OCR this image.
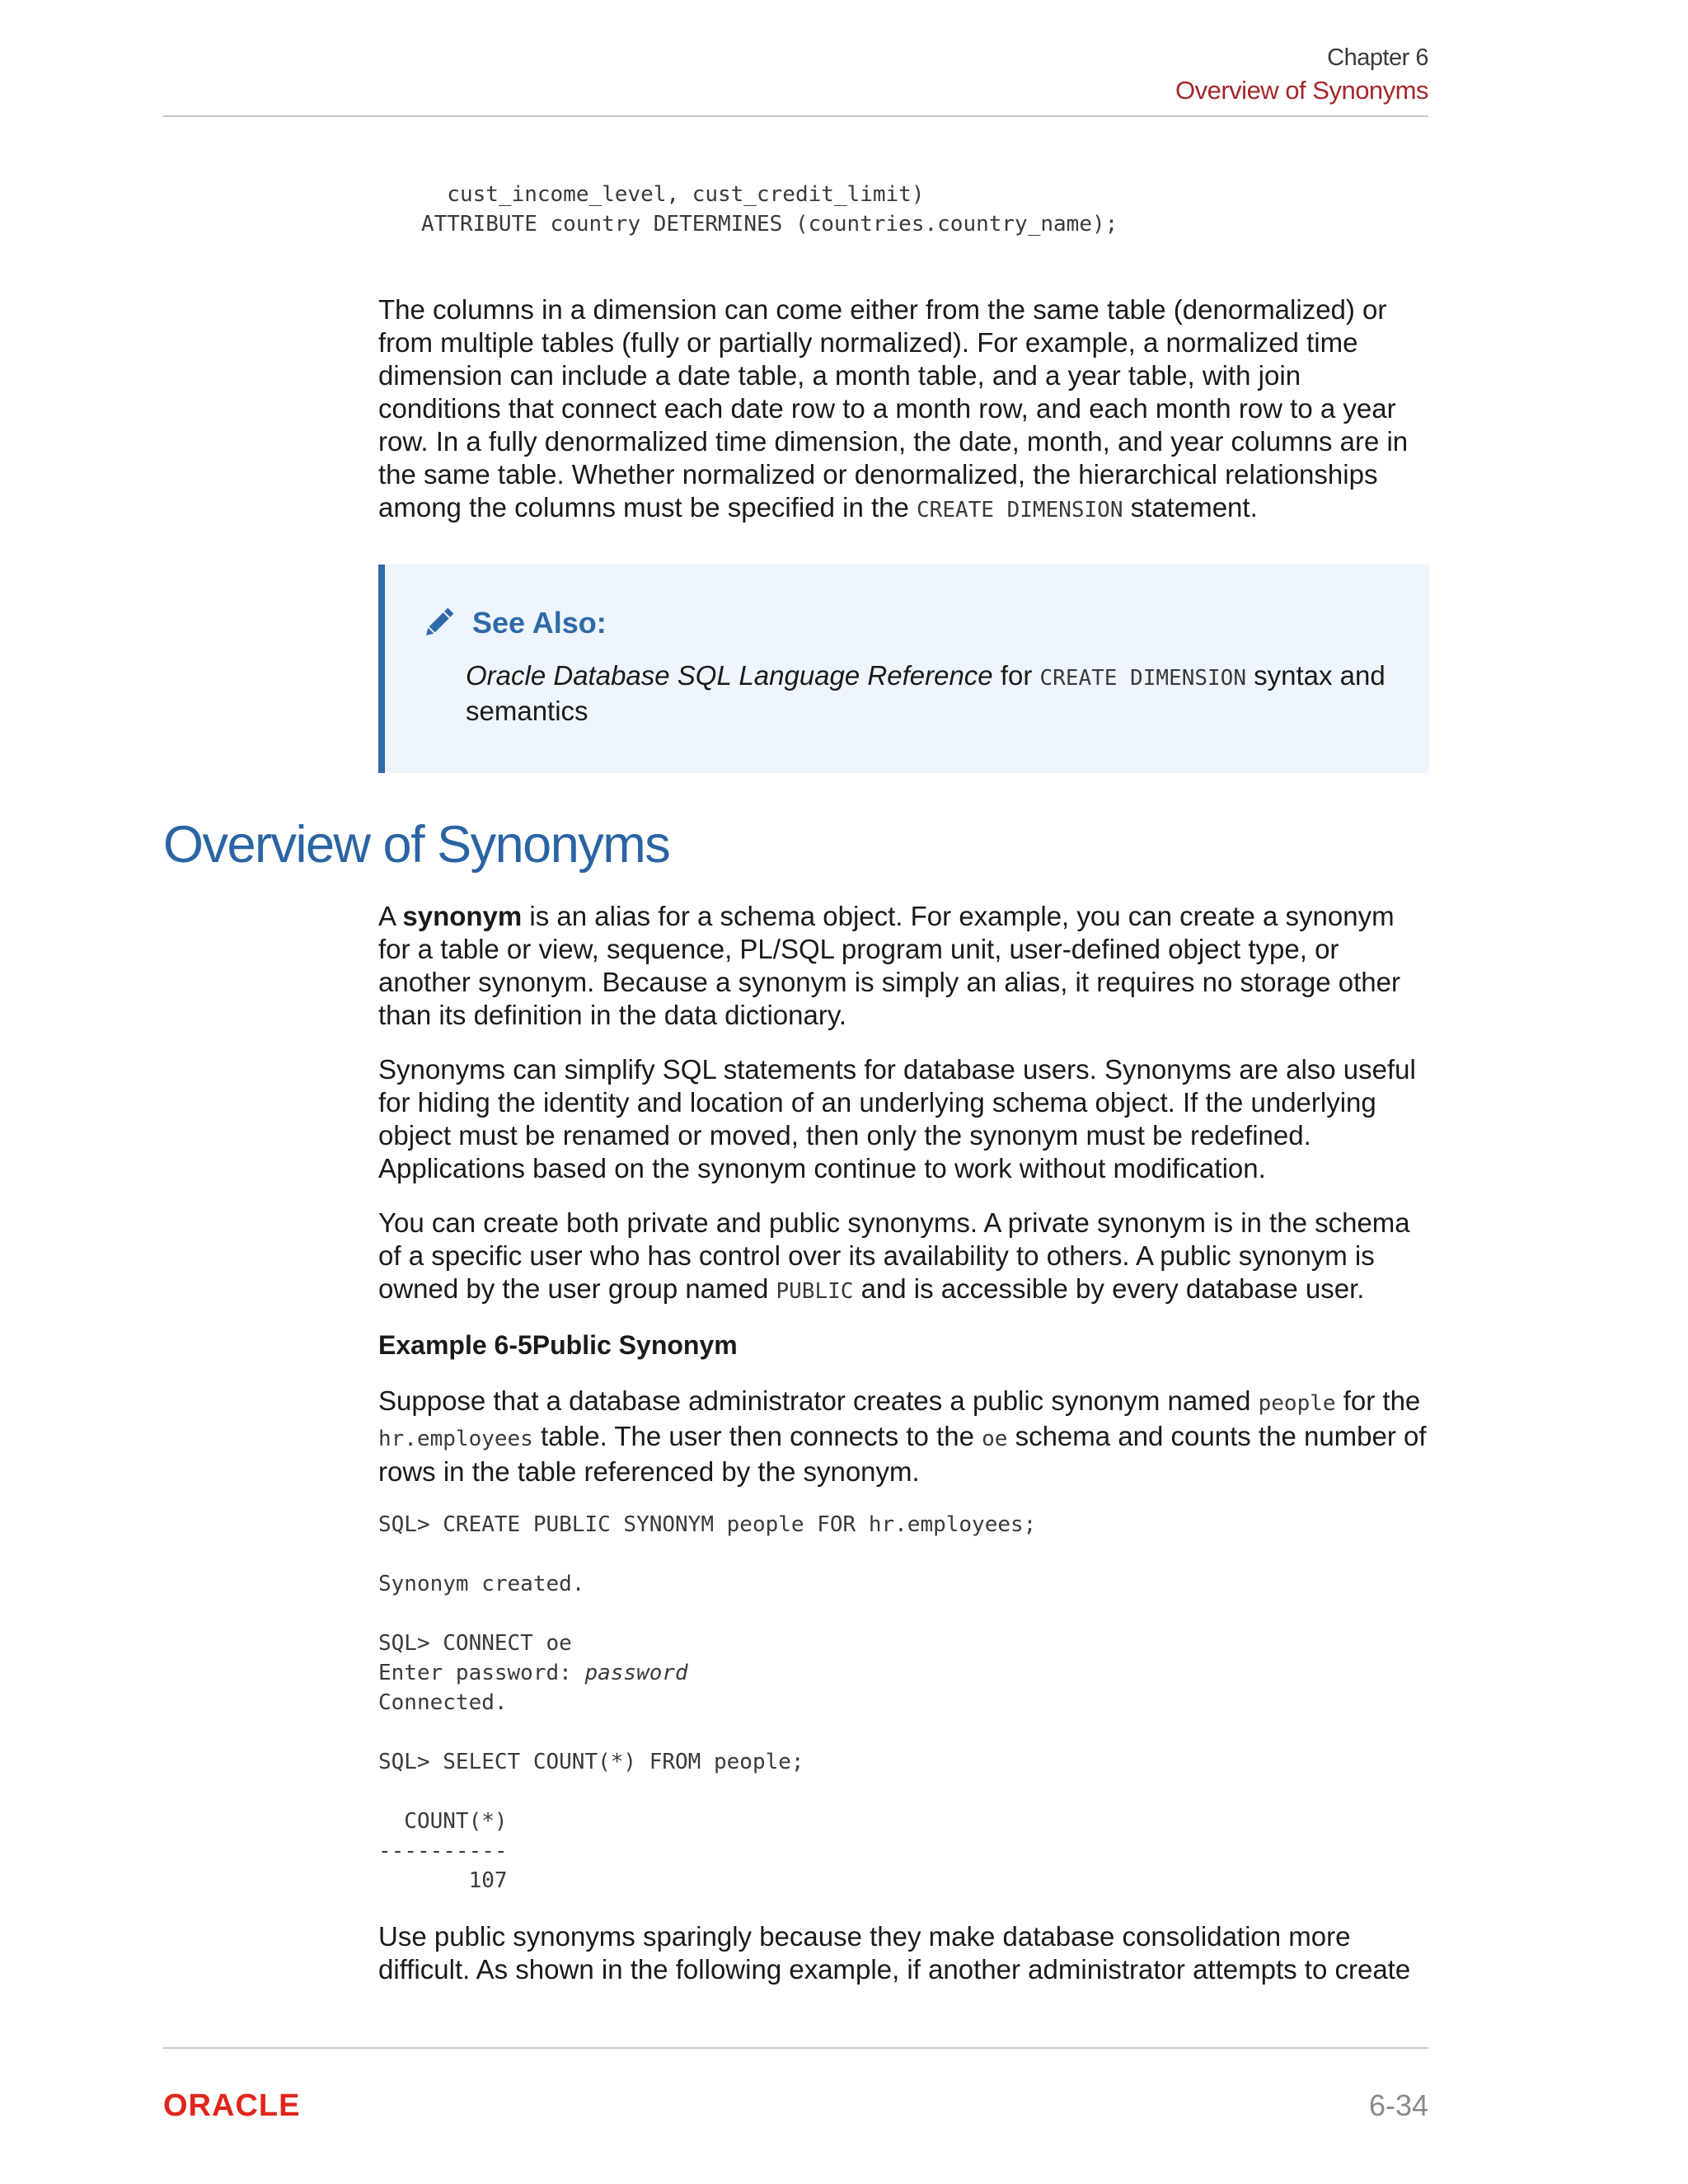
Chapter 6
Overview of Synonyms
cust_income_level, cust_credit_limit)
ATTRIBUTE country DETERMINES (countries.country_name);

The columns in a dimension can come either from the same table (denormalized) or from multiple tables (fully or partially normalized). For example, a normalized time dimension can include a date table, a month table, and a year table, with join conditions that connect each date row to a month row, and each month row to a year row. In a fully denormalized time dimension, the date, month, and year columns are in the same table. Whether normalized or denormalized, the hierarchical relationships among the columns must be specified in the CREATE DIMENSION statement.

See Also:

Oracle Database SQL Language Reference for CREATE DIMENSION syntax and semantics

Overview of Synonyms

A synonym is an alias for a schema object. For example, you can create a synonym for a table or view, sequence, PL/SQL program unit, user-defined object type, or another synonym. Because a synonym is simply an alias, it requires no storage other than its definition in the data dictionary.

Synonyms can simplify SQL statements for database users. Synonyms are also useful for hiding the identity and location of an underlying schema object. If the underlying object must be renamed or moved, then only the synonym must be redefined. Applications based on the synonym continue to work without modification.

You can create both private and public synonyms. A private synonym is in the schema of a specific user who has control over its availability to others. A public synonym is owned by the user group named PUBLIC and is accessible by every database user.

Example 6-5Public Synonym

Suppose that a database administrator creates a public synonym named people for the hr.employees table. The user then connects to the oe schema and counts the number of rows in the table referenced by the synonym.

SQL> CREATE PUBLIC SYNONYM people FOR hr.employees;

Synonym created.

SQL> CONNECT oe
Enter password: password
Connected.

SQL> SELECT COUNT(*) FROM people;

COUNT(*)
----------
107

Use public synonyms sparingly because they make database consolidation more difficult. As shown in the following example, if another administrator attempts to create

ORACLE	6-34
